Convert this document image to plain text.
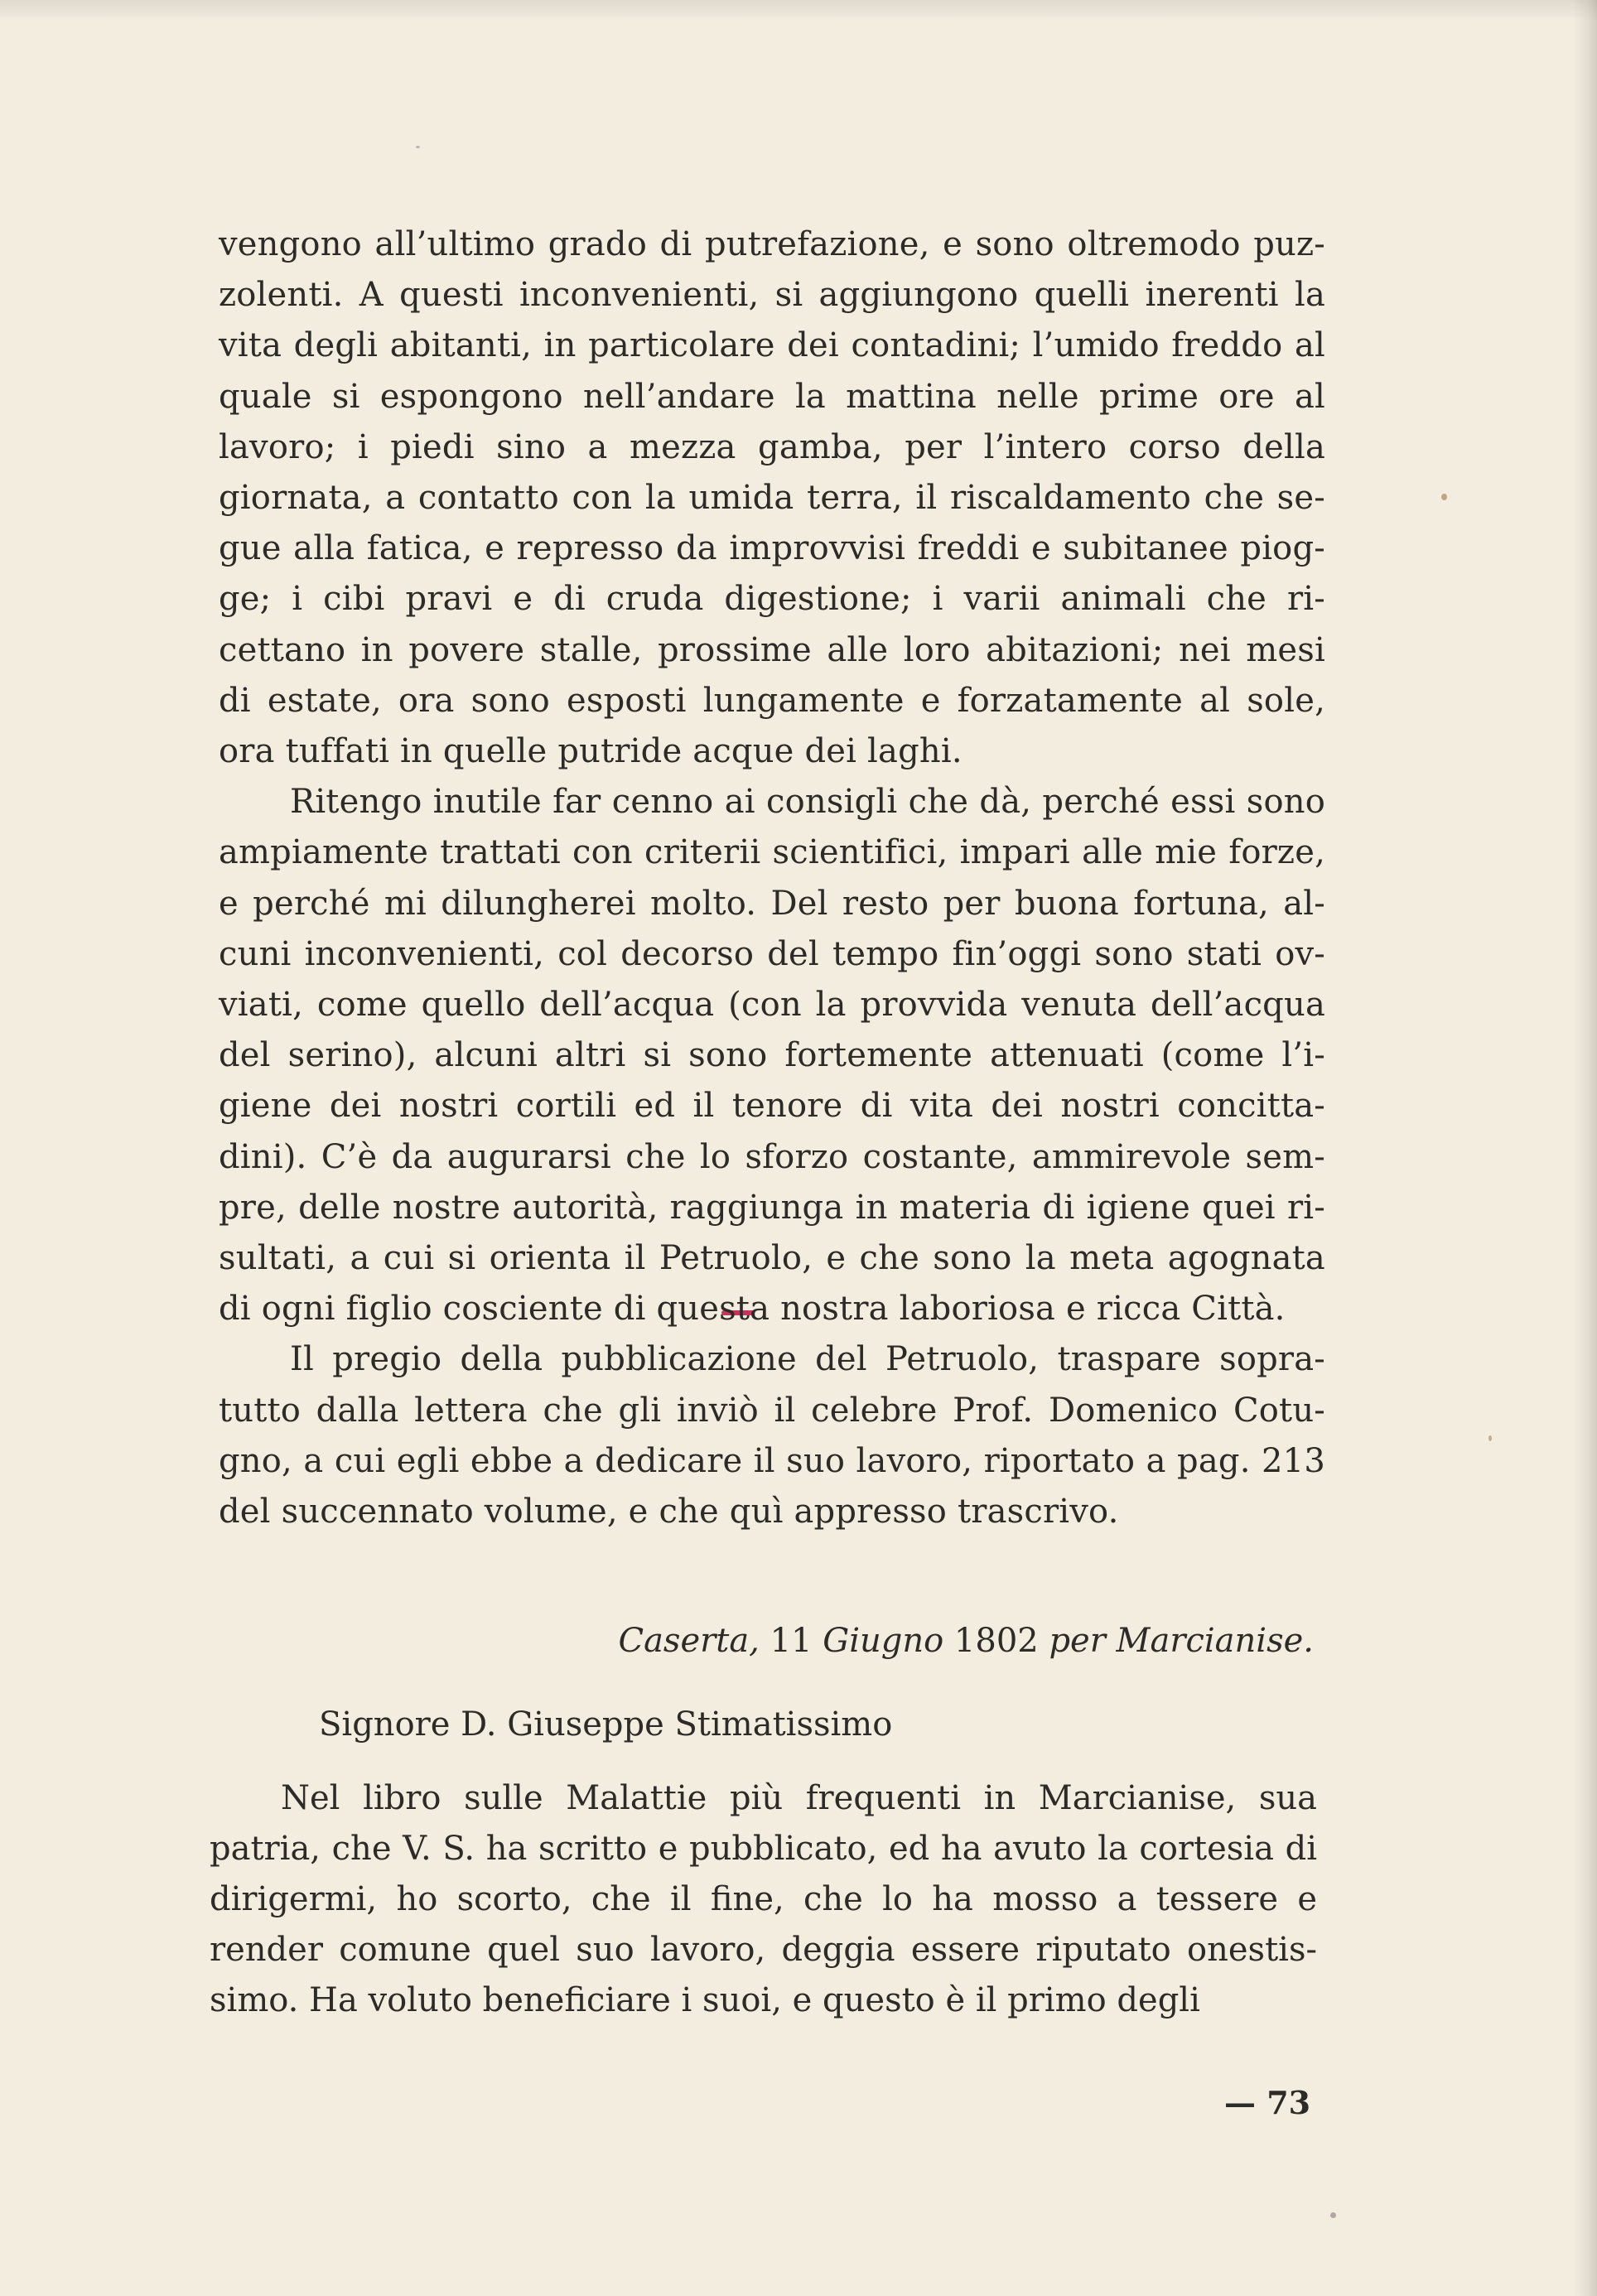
vengono all’ultimo grado di putrefazione, e sono oltremodo puz- zolenti. A questi inconvenienti, si aggiungono quelli inerenti la vita degli abitanti, in particolare dei contadini; l’umido freddo al quale si espongono nell’andare la mattina nelle prime ore al lavoro; i piedi sino a mezza gamba, per l’intero corso della giornata, a contatto con la umida terra, il riscaldamento che se- gue alla fatica, e represso da improvvisi freddi e subitanee piog- ge; i cibi pravi e di cruda digestione; i varii animali che ri- cettano in povere stalle, prossime alle loro abitazioni; nei mesi di estate, ora sono esposti lungamente e forzatamente al sole, ora tuffati in quelle putride acque dei laghi.

Ritengo inutile far cenno ai consigli che dà, perché essi sono ampiamente trattati con criterii scientifici, impari alle mie forze, e perché mi dilungherei molto. Del resto per buona fortuna, al- cuni inconvenienti, col decorso del tempo fin’oggi sono stati ov- viati, come quello dell’acqua (con la provvida venuta dell’acqua del serino), alcuni altri si sono fortemente attenuati (come l’i- giene dei nostri cortili ed il tenore di vita dei nostri concitta- dini). C’è da augurarsi che lo sforzo costante, ammirevole sem- pre, delle nostre autorità, raggiunga in materia di igiene quei ri- sultati, a cui si orienta il Petruolo, e che sono la meta agognata di ogni figlio cosciente di questa nostra laboriosa e ricca Città.

Il pregio della pubblicazione del Petruolo, traspare sopra- tutto dalla lettera che gli inviò il celebre Prof. Domenico Cotu- gno, a cui egli ebbe a dedicare il suo lavoro, riportato a pag. 213 del succennato volume, e che quì appresso trascrivo.

Caserta, 11 Giugno 1802 per Marcianise.
Signore D. Giuseppe Stimatissimo

Nel libro sulle Malattie più frequenti in Marcianise, sua patria, che V. S. ha scritto e pubblicato, ed ha avuto la cortesia di dirigermi, ho scorto, che il fine, che lo ha mosso a tessere e render comune quel suo lavoro, deggia essere riputato onestis- simo. Ha voluto beneficiare i suoi, e questo è il primo degli

— 73
